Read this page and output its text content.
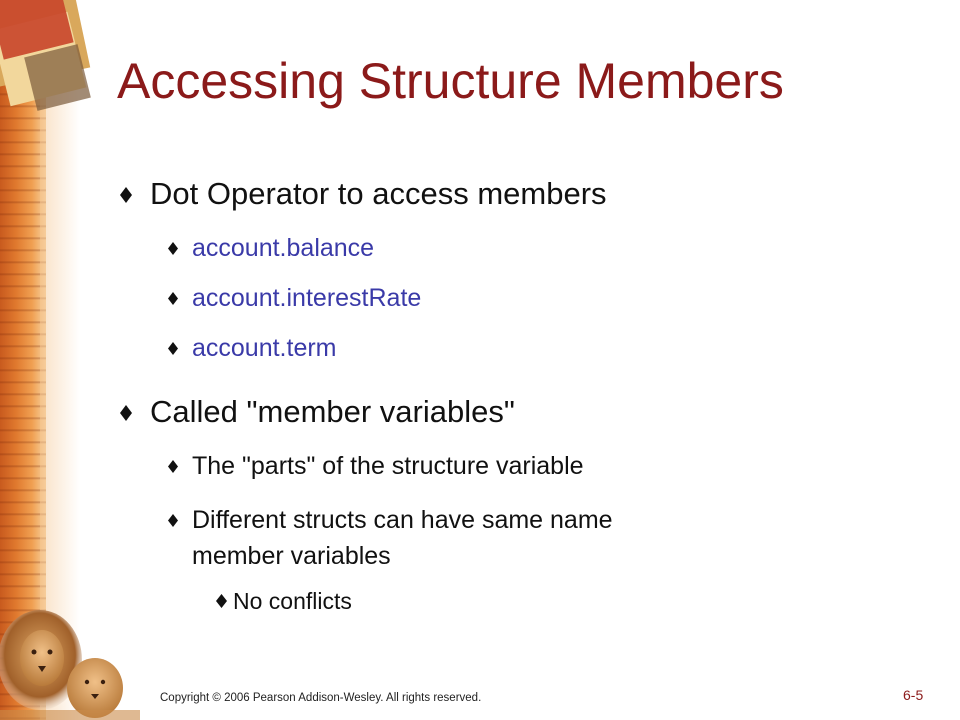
Accessing Structure Members
Dot Operator to access members
account.balance
account.interestRate
account.term
Called "member variables"
The "parts" of the structure variable
Different structs can have same name
member variables
No conflicts
Copyright © 2006 Pearson Addison-Wesley. All rights reserved.	6-5
